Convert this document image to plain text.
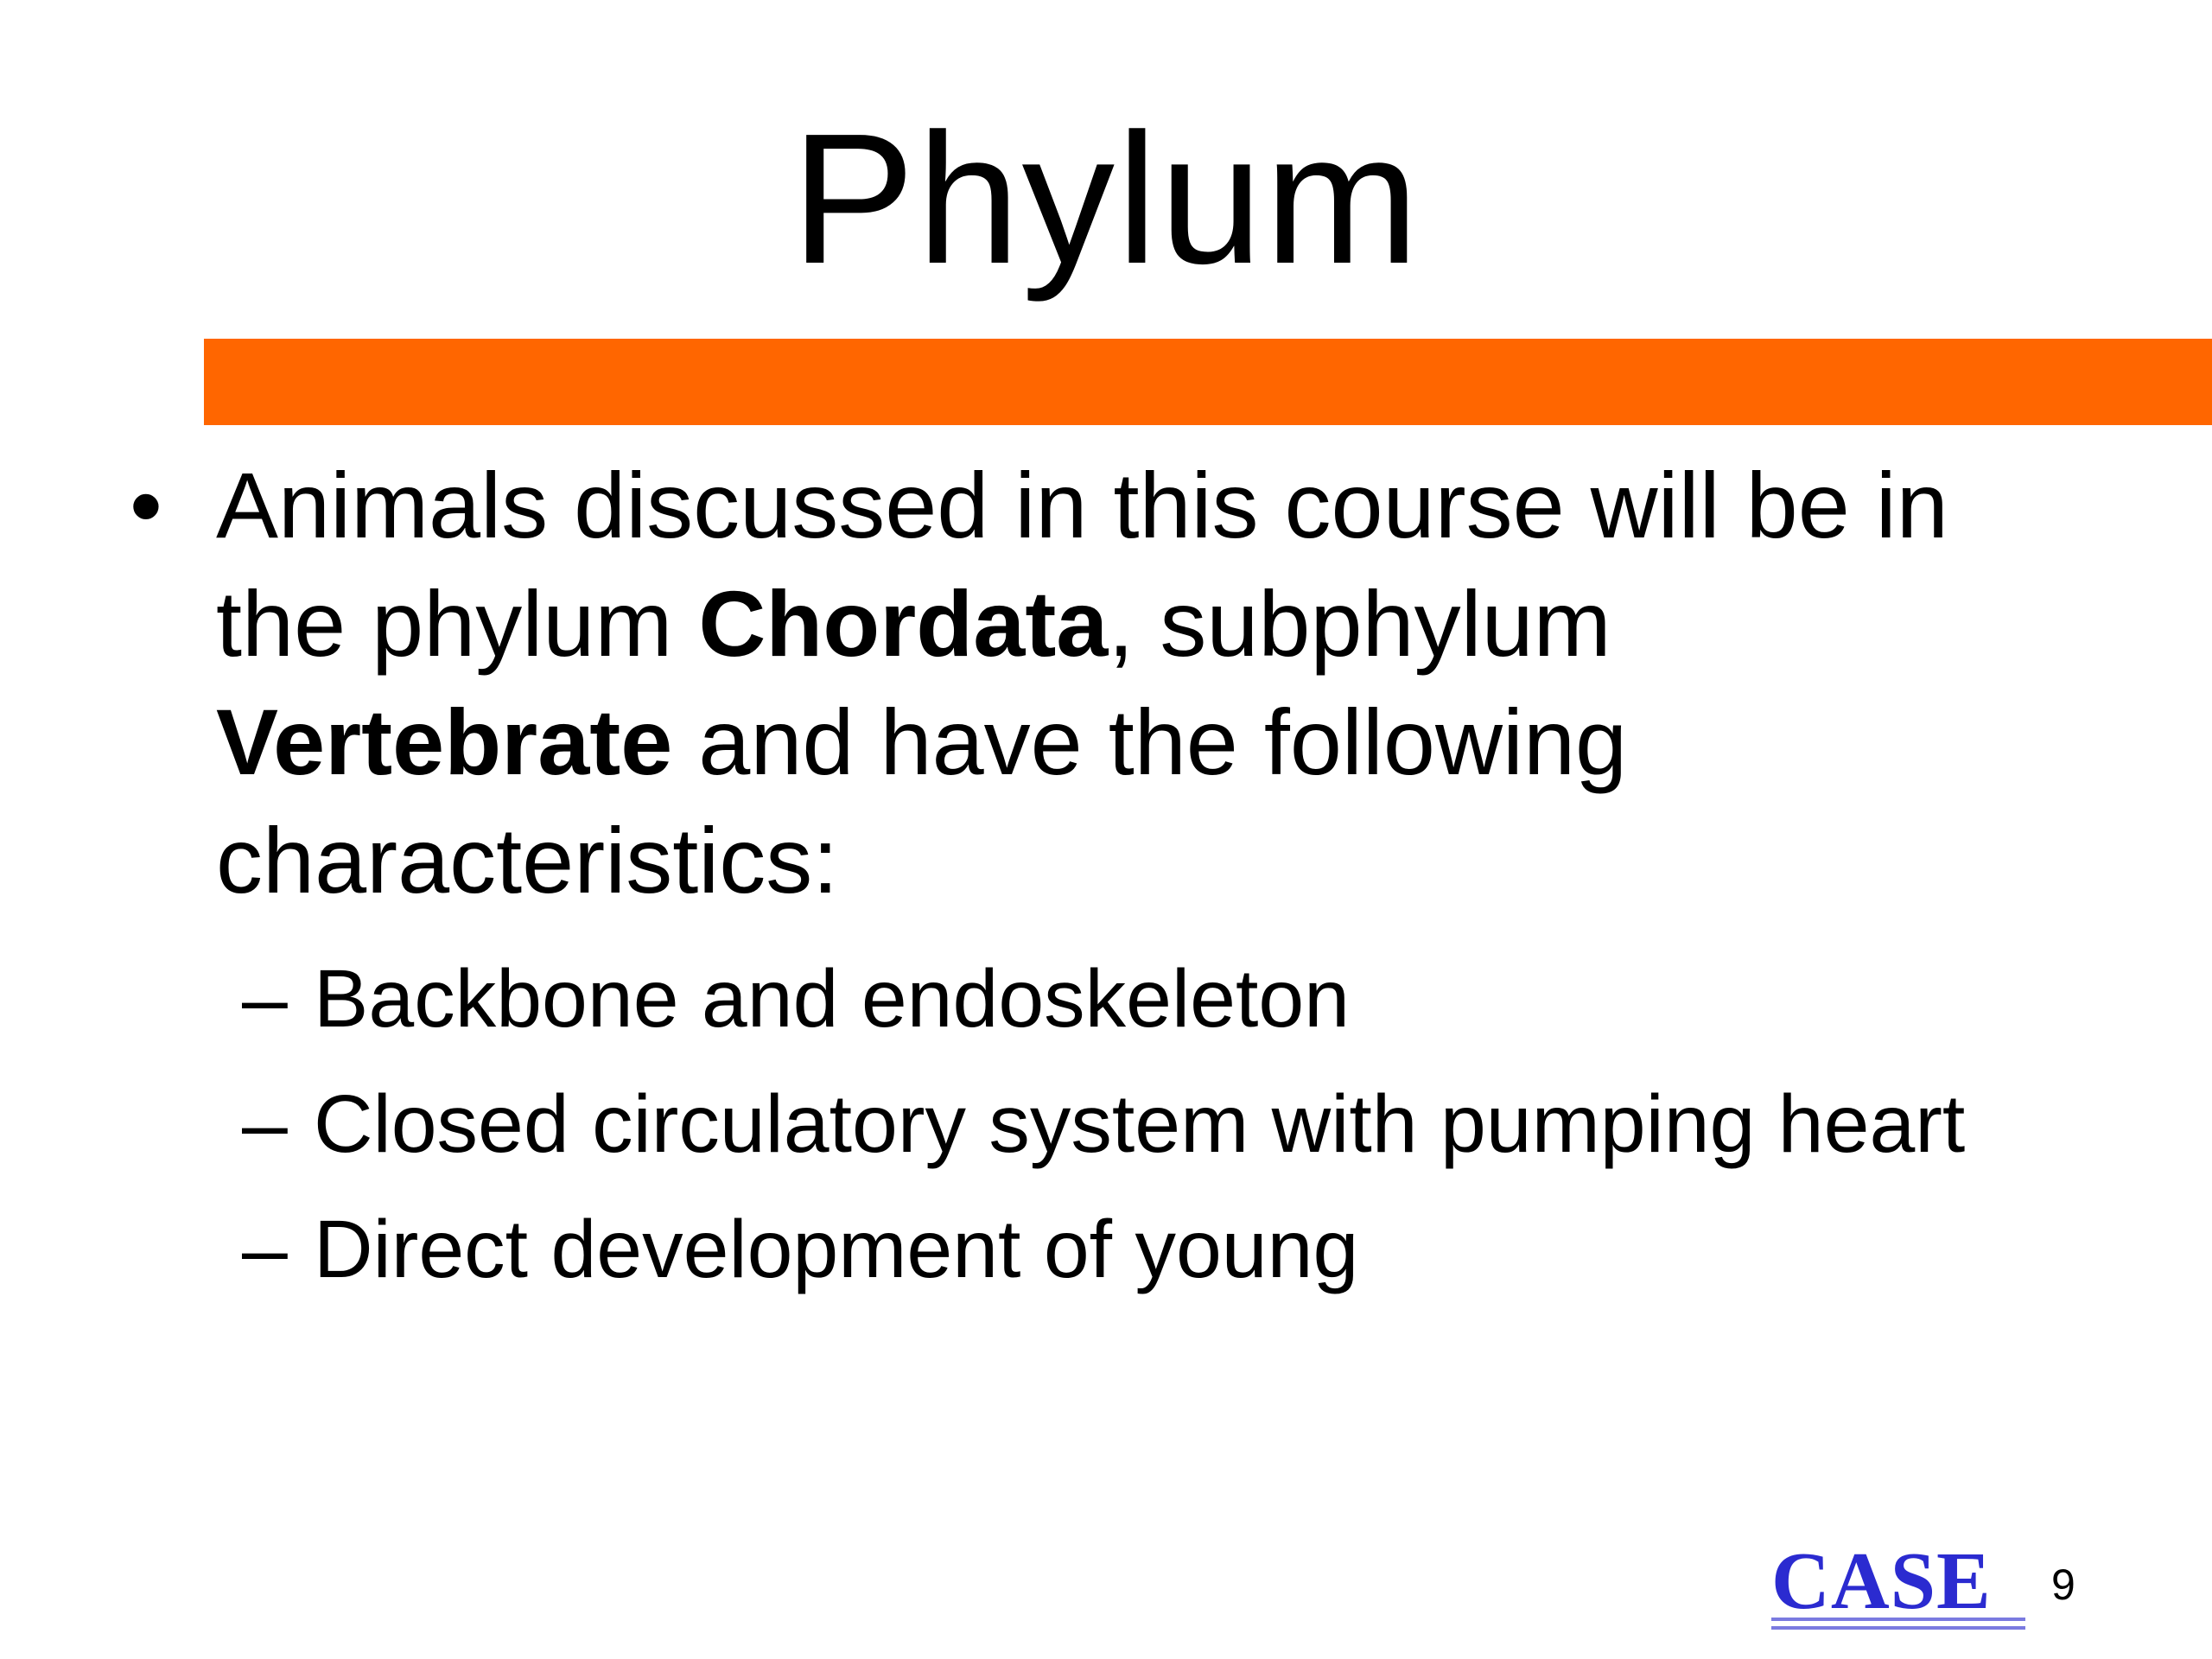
Phylum
• Animals discussed in this course will be in
the phylum Chordata, subphylum
Vertebrate and have the following
characteristics:
– Backbone and endoskeleton
– Closed circulatory system with pumping heart
– Direct development of young
CASE 9
